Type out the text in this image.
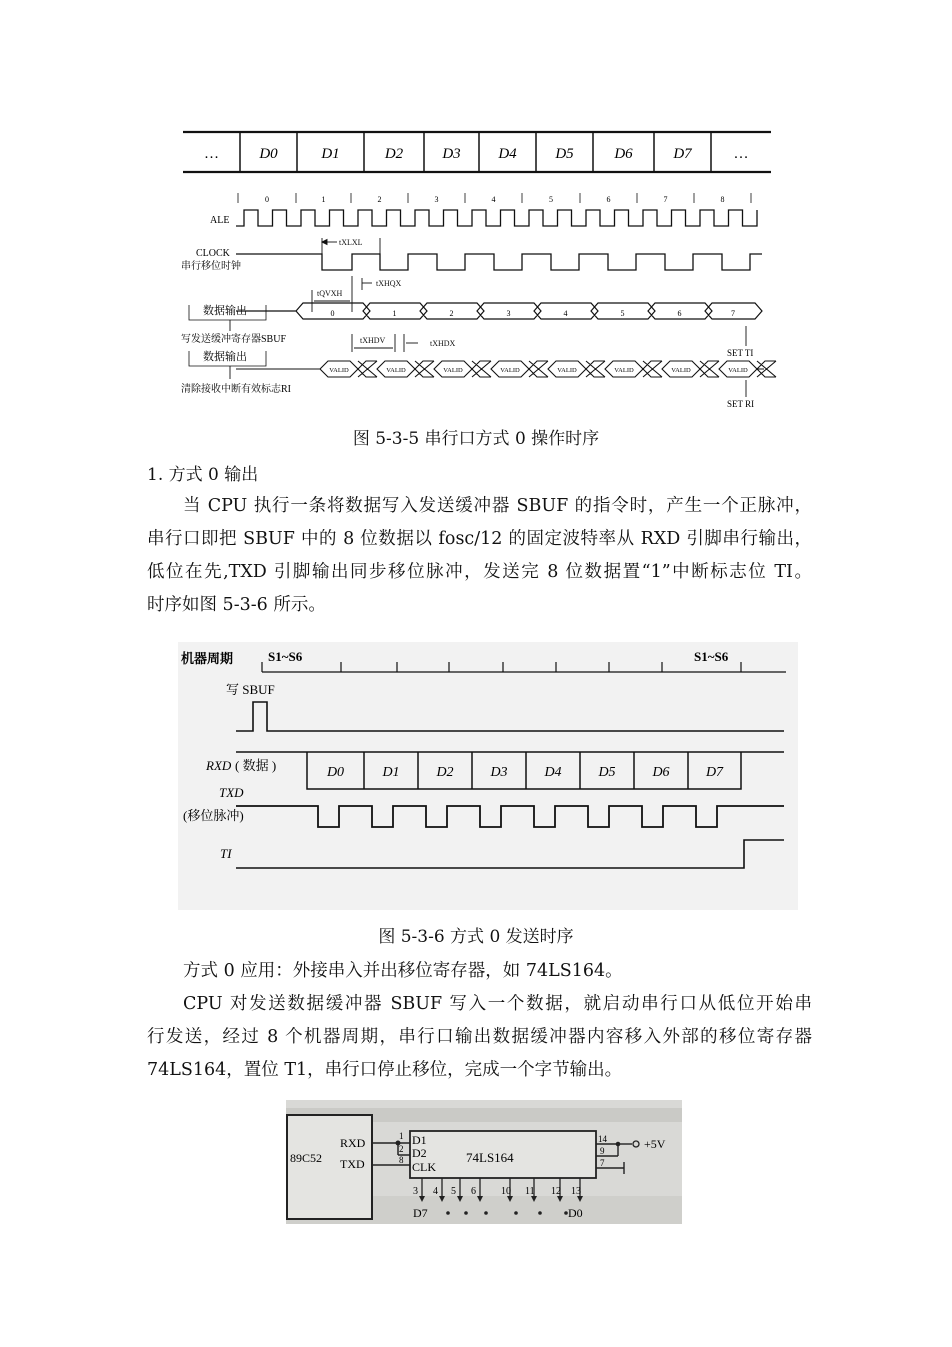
…	D0	D1	D2	D3	D4	D5	D6	D7	…
0	1	2	3	4	5	6	7	8
ALE
CLOCK
串行移位时钟
tXLXL
tXHQX
tQVXH
数据输出
写发送缓冲寄存器SBUF
0	1	2	3	4	5	6	7
tXHDV	tXHDX
SET TI
数据输出
清除接收中断有效标志RI
VALID	VALID	VALID	VALID	VALID	VALID	VALID	VALID
SET RI
图 5-3-5 串行口方式 0 操作时序
1. 方式 0 输出
当 CPU 执行一条将数据写入发送缓冲器 SBUF 的指令时，产生一个正脉冲，
串行口即把 SBUF 中的 8 位数据以 fosc/12 的固定波特率从 RXD 引脚串行输出，
低位在先,TXD 引脚输出同步移位脉冲，发送完 8 位数据置“1”中断标志位 TI。
时序如图 5-3-6 所示。
机器周期	S1~S6	S1~S6
写 SBUF
RXD ( 数据 )	D0	D1	D2	D3	D4	D5	D6	D7
TXD
(移位脉冲)
TI
图 5-3-6 方式 0 发送时序
方式 0 应用：外接串入并出移位寄存器，如 74LS164。
CPU 对发送数据缓冲器 SBUF 写入一个数据，就启动串行口从低位开始串
行发送，经过 8 个机器周期，串行口输出数据缓冲器内容移入外部的移位寄存器
74LS164，置位 T1，串行口停止移位，完成一个字节输出。
89C52
RXD
TXD
1
2
8
D1
D2
CLK
74LS164
+5V
14
9
7
3 4 5 6	10 11 12 13
D7	D0
